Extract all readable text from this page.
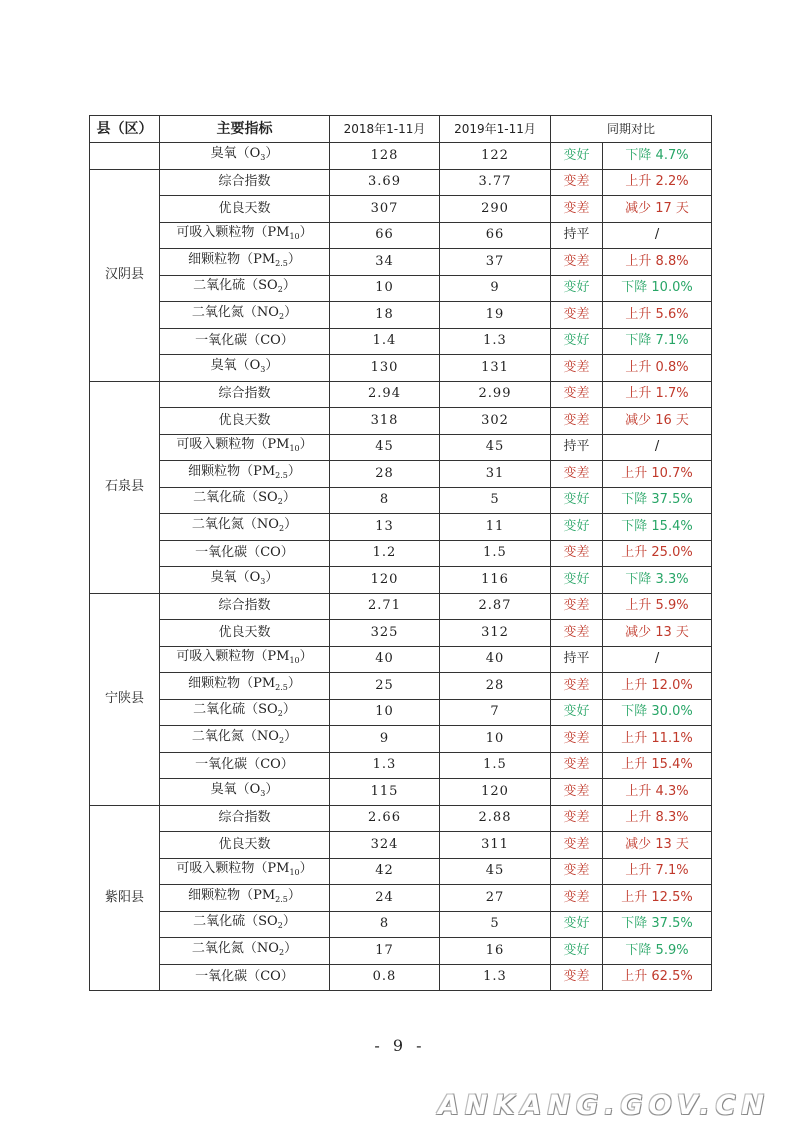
县（区）	主要指标	2018年1-11月	2019年1-11月	同期对比	
	臭氧$(O_3)$	128	122	变好	下降 4.7%
汉阴县	综合指数	3.69	3.77	变差	上升 2.2%
	优良天数	307	290	变差	减少 17 天
	可吸入颗粒物$(PM_{10})$	66	66	持平	/
	细颗粒物$(PM_{2.5})$	34	37	变差	上升 8.8%
	二氧化硫$(SO_2)$	10	9	变好	下降 10.0%
	二氧化氮$(NO_2)$	18	19	变差	上升 5.6%
	一氧化碳（CO）	1.4	1.3	变好	下降 7.1%
	臭氧$(O_3)$	130	131	变差	上升 0.8%
石泉县	综合指数	2.94	2.99	变差	上升 1.7%
	优良天数	318	302	变差	减少 16 天
	可吸入颗粒物$(PM_{10})$	45	45	持平	/
	细颗粒物$(PM_{2.5})$	28	31	变差	上升 10.7%
	二氧化硫$(SO_2)$	8	5	变好	下降 37.5%
	二氧化氮$(NO_2)$	13	11	变好	下降 15.4%
	一氧化碳（CO）	1.2	1.5	变差	上升 25.0%
	臭氧$(O_3)$	120	116	变好	下降 3.3%
宁陕县	综合指数	2.71	2.87	变差	上升 5.9%
	优良天数	325	312	变差	减少 13 天
	可吸入颗粒物$(PM_{10})$	40	40	持平	/
	细颗粒物$(PM_{2.5})$	25	28	变差	上升 12.0%
	二氧化硫$(SO_2)$	10	7	变好	下降 30.0%
	二氧化氮$(NO_2)$	9	10	变差	上升 11.1%
	一氧化碳（CO）	1.3	1.5	变差	上升 15.4%
	臭氧$(O_3)$	115	120	变差	上升 4.3%
紫阳县	综合指数	2.66	2.88	变差	上升 8.3%
	优良天数	324	311	变差	减少 13 天
	可吸入颗粒物$(PM_{10})$	42	45	变差	上升 7.1%
	细颗粒物$(PM_{2.5})$	24	27	变差	上升 12.5%
	二氧化硫$(SO_2)$	8	5	变好	下降 37.5%
	二氧化氮$(NO_2)$	17	16	变好	下降 5.9%
	一氧化碳（CO）	0.8	1.3	变差	上升 62.5%
- 9 -
ANKANG.GOV.CN
